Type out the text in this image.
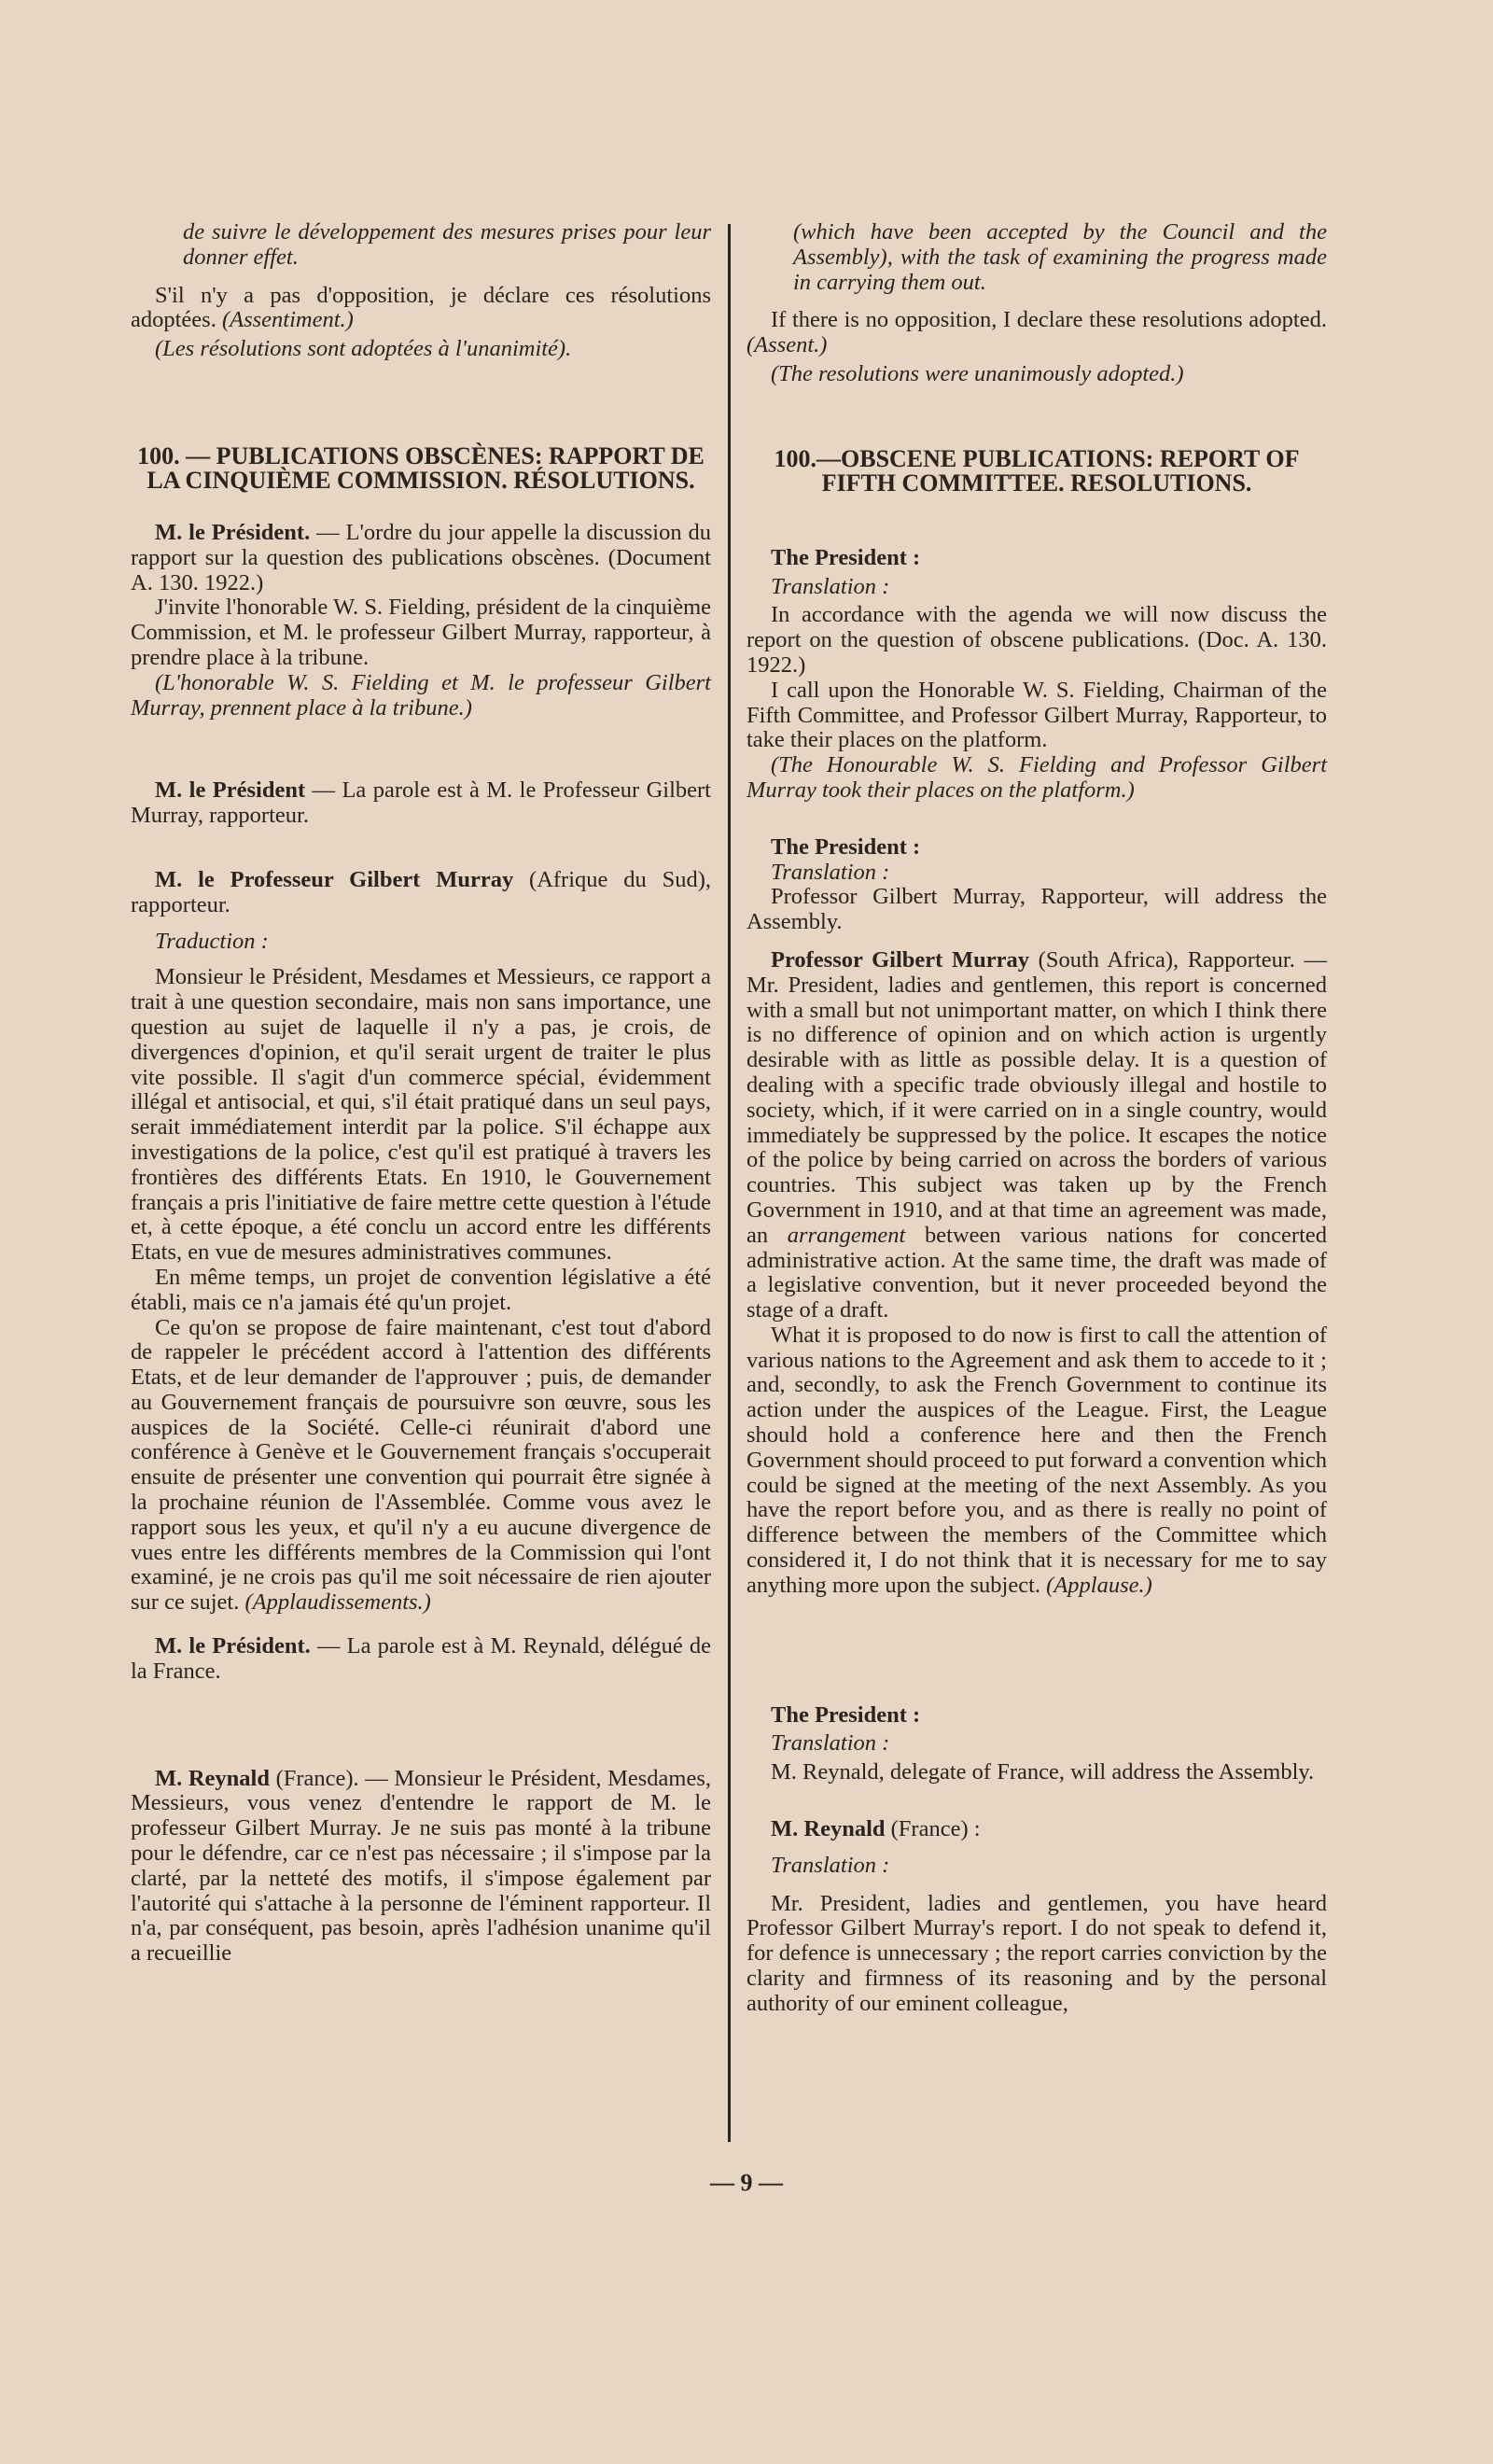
de suivre le développement des mesures prises pour leur donner effet.

S'il n'y a pas d'opposition, je déclare ces résolutions adoptées. (Assentiment.)

(Les résolutions sont adoptées à l'unanimité).

100. — PUBLICATIONS OBSCÈNES: RAPPORT DE LA CINQUIÈME COMMISSION. RÉSOLUTIONS.

M. le Président. — L'ordre du jour appelle la discussion du rapport sur la question des publications obscènes. (Document A. 130. 1922.)

J'invite l'honorable W. S. Fielding, président de la cinquième Commission, et M. le professeur Gilbert Murray, rapporteur, à prendre place à la tribune.

(L'honorable W. S. Fielding et M. le professeur Gilbert Murray, prennent place à la tribune.)

M. le Président — La parole est à M. le Professeur Gilbert Murray, rapporteur.

M. le Professeur Gilbert Murray (Afrique du Sud), rapporteur.

Traduction :

Monsieur le Président, Mesdames et Messieurs, ce rapport a trait à une question secondaire, mais non sans importance, une question au sujet de laquelle il n'y a pas, je crois, de divergences d'opinion, et qu'il serait urgent de traiter le plus vite possible. Il s'agit d'un commerce spécial, évidemment illégal et antisocial, et qui, s'il était pratiqué dans un seul pays, serait immédiatement interdit par la police. S'il échappe aux investigations de la police, c'est qu'il est pratiqué à travers les frontières des différents Etats. En 1910, le Gouvernement français a pris l'initiative de faire mettre cette question à l'étude et, à cette époque, a été conclu un accord entre les différents Etats, en vue de mesures administratives communes.

En même temps, un projet de convention législative a été établi, mais ce n'a jamais été qu'un projet.

Ce qu'on se propose de faire maintenant, c'est tout d'abord de rappeler le précédent accord à l'attention des différents Etats, et de leur demander de l'approuver ; puis, de demander au Gouvernement français de poursuivre son œuvre, sous les auspices de la Société. Celle-ci réunirait d'abord une conférence à Genève et le Gouvernement français s'occuperait ensuite de présenter une convention qui pourrait être signée à la prochaine réunion de l'Assemblée. Comme vous avez le rapport sous les yeux, et qu'il n'y a eu aucune divergence de vues entre les différents membres de la Commission qui l'ont examiné, je ne crois pas qu'il me soit nécessaire de rien ajouter sur ce sujet. (Applaudissements.)

M. le Président. — La parole est à M. Reynald, délégué de la France.

M. Reynald (France). — Monsieur le Président, Mesdames, Messieurs, vous venez d'entendre le rapport de M. le professeur Gilbert Murray. Je ne suis pas monté à la tribune pour le défendre, car ce n'est pas nécessaire ; il s'impose par la clarté, par la netteté des motifs, il s'impose également par l'autorité qui s'attache à la personne de l'éminent rapporteur. Il n'a, par conséquent, pas besoin, après l'adhésion unanime qu'il a recueillie

(which have been accepted by the Council and the Assembly), with the task of examining the progress made in carrying them out.

If there is no opposition, I declare these resolutions adopted. (Assent.)

(The resolutions were unanimously adopted.)

100.—OBSCENE PUBLICATIONS: REPORT OF FIFTH COMMITTEE. RESOLUTIONS.

The President :

Translation :

In accordance with the agenda we will now discuss the report on the question of obscene publications. (Doc. A. 130. 1922.)

I call upon the Honorable W. S. Fielding, Chairman of the Fifth Committee, and Professor Gilbert Murray, Rapporteur, to take their places on the platform.

(The Honourable W. S. Fielding and Professor Gilbert Murray took their places on the platform.)

The President :

Translation :

Professor Gilbert Murray, Rapporteur, will address the Assembly.

Professor Gilbert Murray (South Africa), Rapporteur. —Mr. President, ladies and gentlemen, this report is concerned with a small but not unimportant matter, on which I think there is no difference of opinion and on which action is urgently desirable with as little as possible delay. It is a question of dealing with a specific trade obviously illegal and hostile to society, which, if it were carried on in a single country, would immediately be suppressed by the police. It escapes the notice of the police by being carried on across the borders of various countries. This subject was taken up by the French Government in 1910, and at that time an agreement was made, an arrangement between various nations for concerted administrative action. At the same time, the draft was made of a legislative convention, but it never proceeded beyond the stage of a draft.

What it is proposed to do now is first to call the attention of various nations to the Agreement and ask them to accede to it ; and, secondly, to ask the French Government to continue its action under the auspices of the League. First, the League should hold a conference here and then the French Government should proceed to put forward a convention which could be signed at the meeting of the next Assembly. As you have the report before you, and as there is really no point of difference between the members of the Committee which considered it, I do not think that it is necessary for me to say anything more upon the subject. (Applause.)

The President :

Translation :

M. Reynald, delegate of France, will address the Assembly.

M. Reynald (France) :

Translation :

Mr. President, ladies and gentlemen, you have heard Professor Gilbert Murray's report. I do not speak to defend it, for defence is unnecessary ; the report carries conviction by the clarity and firmness of its reasoning and by the personal authority of our eminent colleague,

— 9 —
